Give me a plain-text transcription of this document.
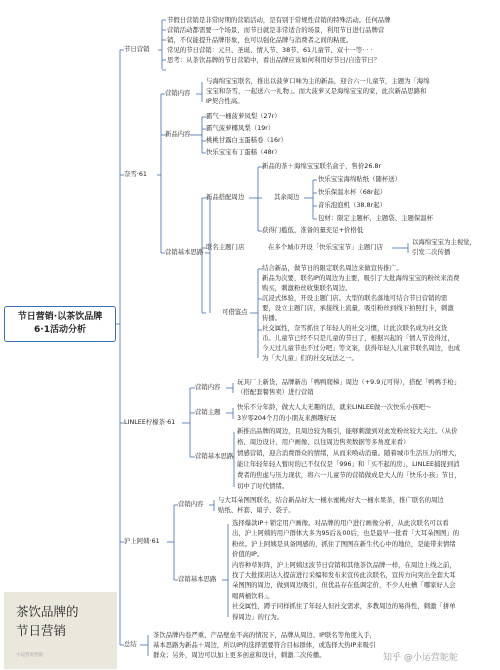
节日营销·以茶饮品牌
6·1活动分析
节日营销
奈雪·61
LINLEE柠檬茶·61
沪上阿姨·61
总结
节假日营销是非常时期的营销活动，是有别于常规性营销的特殊活动。任何品牌
营销活动都需要一个场景，而节日就是非常适合的场景，利用节日进行品牌营
销，不仅能提升品牌形象，也可以强化品牌与消费者之间的粘度。
常见的节日营销：元旦、圣诞、情人节、38节、61儿童节、双十一等· · ·
思考：从茶饮品牌的节日营销中，看出品牌应该如何利用好节日/自造节日？
营销内容
与海绵宝宝联名，推出以菠萝口味为主的新品，迎合六一儿童节，主题为「海绵
宝宝和奈雪，一起送六一礼物」。而大菠萝又是海绵宝宝的家，此次新品思路和
IP契合性高。
新品内容
霸气一桶菠萝凤梨（27r）
霸气菠萝椰凤梨（19r）
桃桃甘露白玉蛋糕卷（16r）
快乐宝宝布丁蛋糕（48r）
营销基本思路
新品搭配周边
新品的茶＋海绵宝宝联名盒子，售价26.8r
其余周边
快乐宝宝海绵贴纸（随杯送）
快乐保温水杯（68r起）
音乐泡泡机（38.8r起）
包材：限定主题杯、主题袋、主题保温杯
获得门槛低，准备的量充足+价格低
联名主题门店	在多个城市开设「快乐宝宝节」主题门店
以海绵宝宝为主视觉，
引发二次传播
可借鉴点
结合新品，做节日的限定联名周边来做宣传推广。
新品为次要，联名IP的周边为主要，吸引了大批海绵宝宝的粉丝来消费
购买，刺激粉丝收集联名周边。
沉浸式体验，开设主题门店。大型的联名落地可结合节日营销的需
要，设立主题门店，承接线上流量，吸引粉丝到线下拍照打卡，刺激
传播。
社交属性，奈雪抓住了年轻人的社交习惯，让此次联名成为社交货
币。儿童节已经不只是儿童的节日了，根据兴起的「情人节没得过，
今天过儿童节也不过分吧」等文案，获得年轻人儿童节联名周边，也成
为「大儿童」们的社交玩法之一。
营销内容
玩具厂上新货，品牌新出「鸭鸭爬梯」周边（+9.9元可得），搭配「鸭鸭手枪」
（搭配套餐售卖）进行营销
营销主题
快乐不分年龄，做大人太无趣的话，就来LINLEE做一次快乐小孩吧～
3岁零204个月的小朋友来测趣好玩
营销基本思路
新推出品牌的周边，且周边较为吸引，能够刺激到对此发粉丝较大关注。（从价
格、周边设计、用户画像、以往周边售卖数据等多角度来看）
情感营销，迎合消费群众的情绪，从而来唤动消量。随着城市生活压力的增大，
能让年轻年轻人暂时的已不仅仅是「996」和「买不起的房」，LINLEE捕捉到消
费者的焦虑与压力现状，将六一儿童节的营销做成是大人的「快乐小孩」节日，
切中了时代情绪。
营销内容 与大耳朵图图联名，结合新品好大一桶水蜜桃/好大一桶水果茶，推广联名的周边
贴纸、杯套、扇子、袋子。
营销基本思路
选择爆款IP＋锁定用户画像。对品牌的用户进行画像分析，从此次联名可以看
出，沪上阿姨的用户群体大多为95后＆00后，也是最早一批看「大耳朵图图」的
粉丝。沪上阿姨是具备网感的，抓住了图图在新生代心中的地位，是能带来情绪
价值的IP。
内容种草矩阵，沪上阿姨这波节日营销和其他茶饮品牌一样，在周边上线之前，
找了大批探店达人提前进行采编和发布来宣传此次联名，宣传方向突出全套大耳
朵图图的周边，做到周边吸引，但优品存在低调定价，不少人吐槽「哪家好人会
喝两桶饮料」。
社交属性，蹲子同样抓住了年轻人但社交需求，多教周边的易得性，刺激「拼单
得周边」的行为。
茶饮品牌内卷严重，产品壁垒不高的情况下，品牌从周边、IP联名等角度入手，
基本思路为新品＋周边，所以IP的选择需要符合目标群体，或选择大热IP来吸引
群众；另外，周边可以加上更多创意和设计，刺激二次传播。
茶饮品牌的
节日营销
小运营说营销	知乎 @小运营鸵鸵
